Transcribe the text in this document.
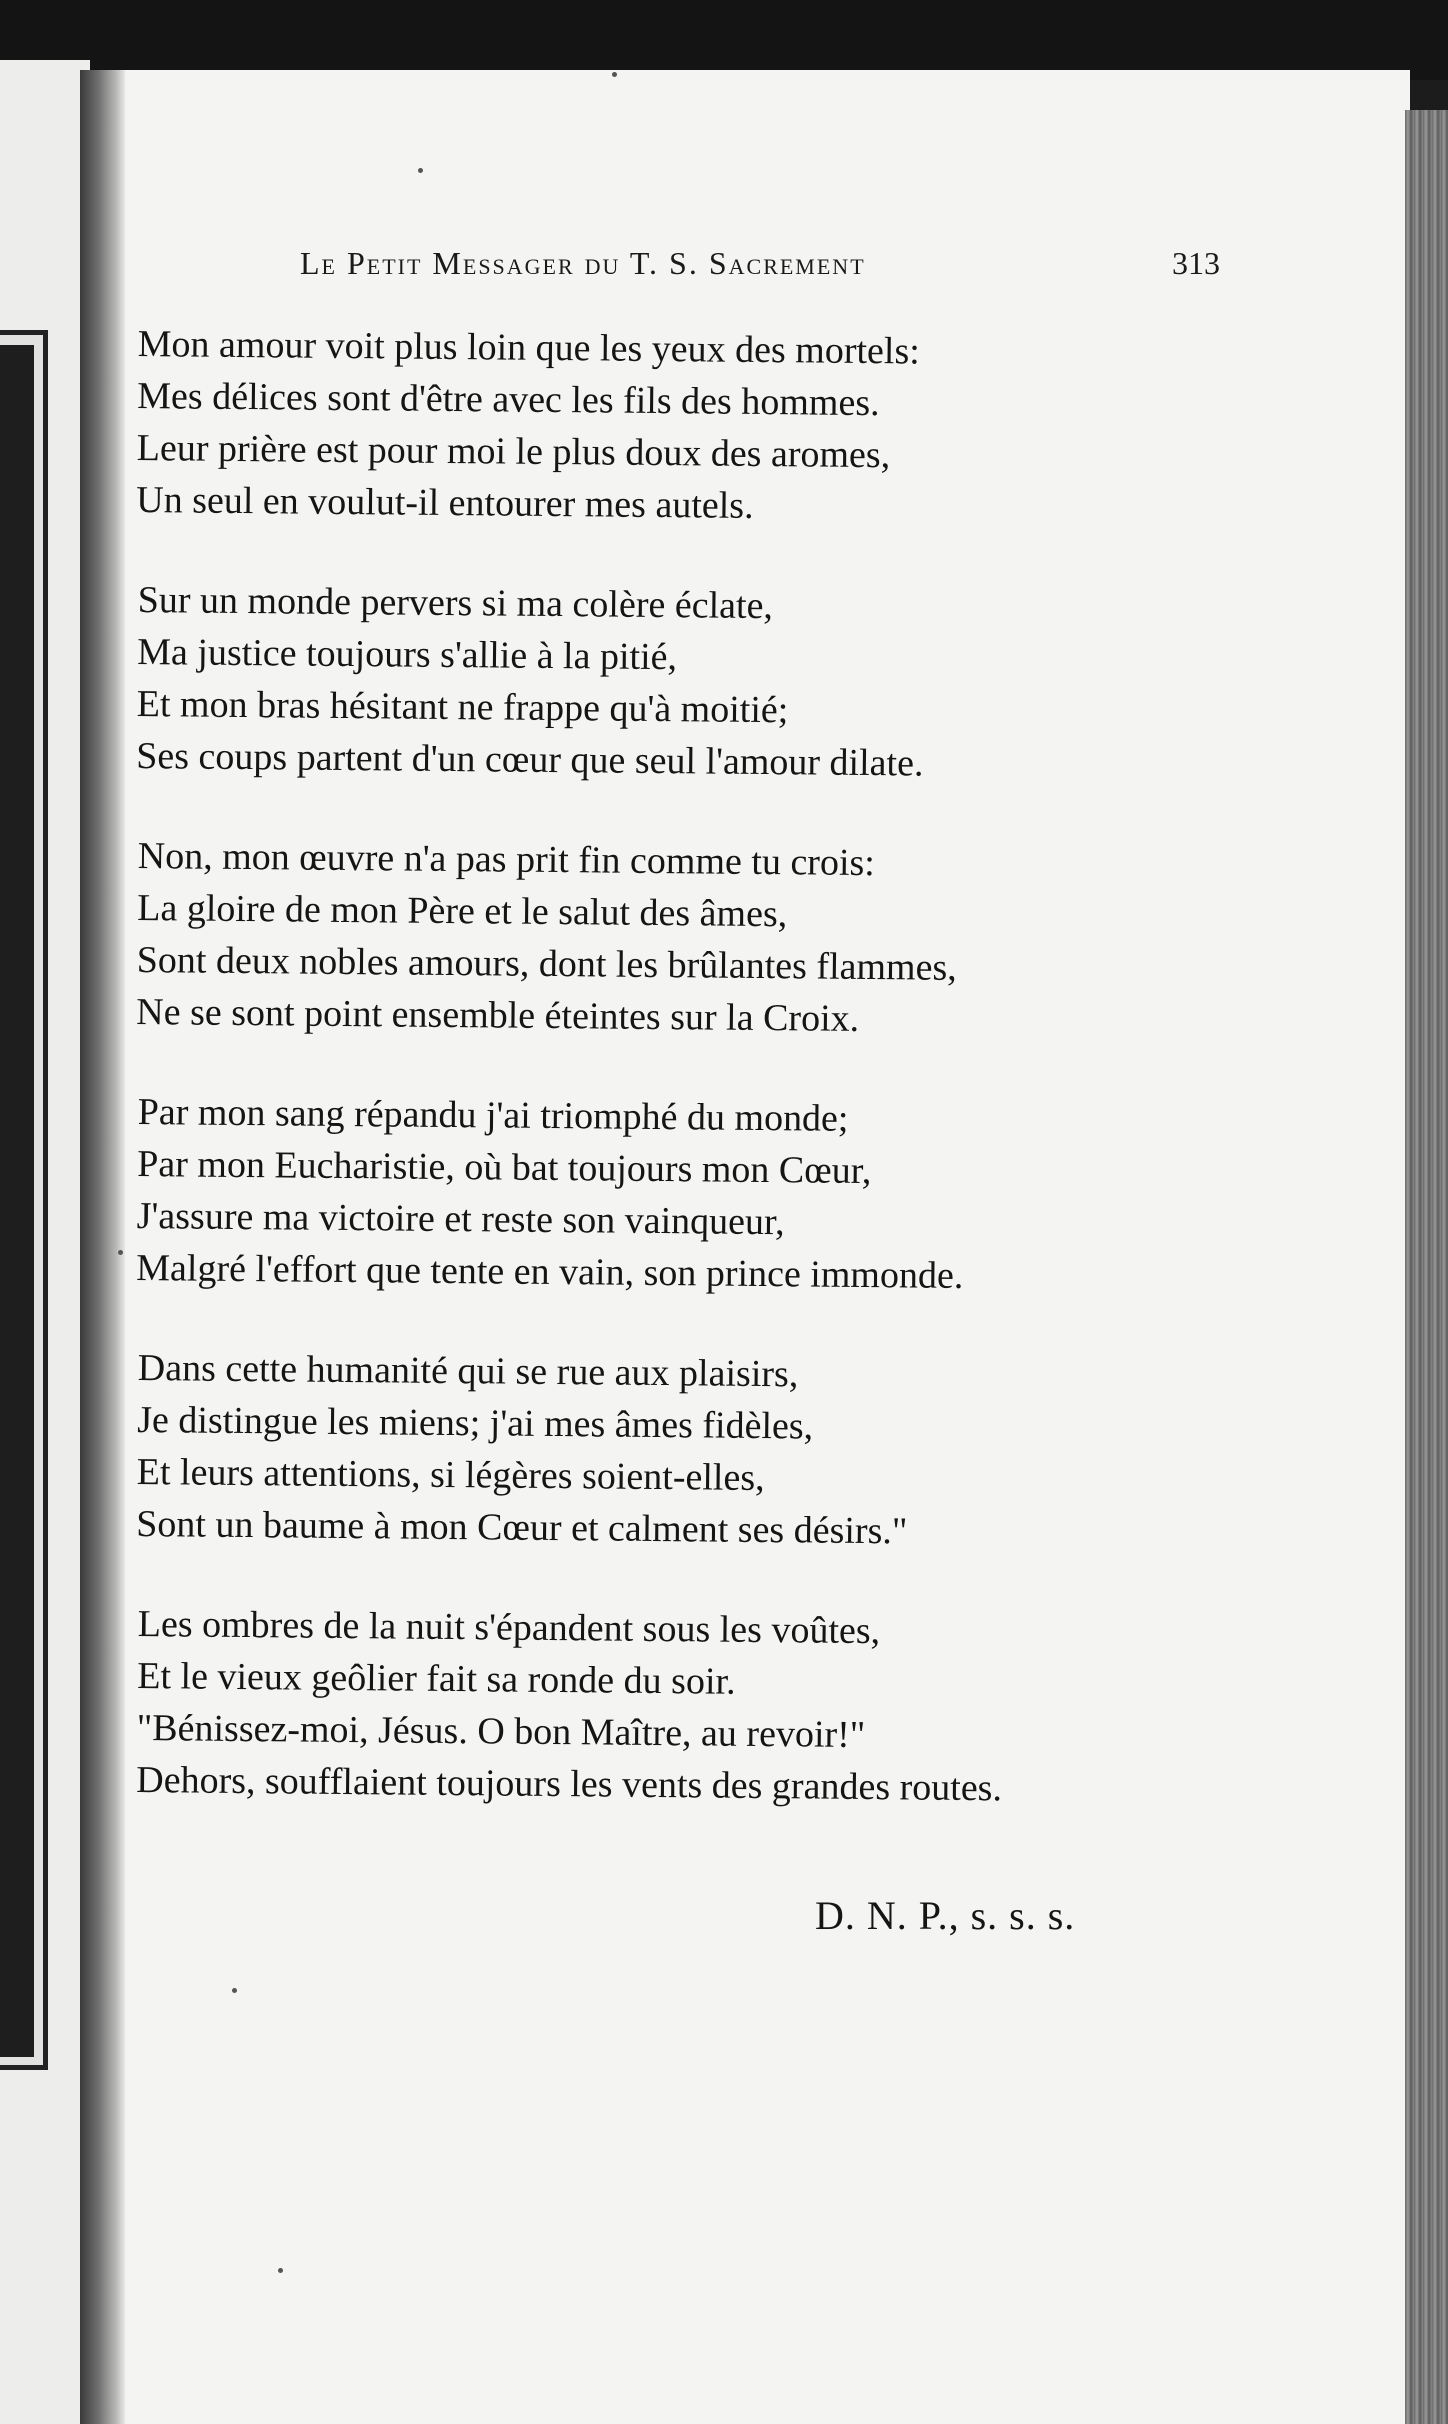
Le Petit Messager du T. S. Sacrement	313
Mon amour voit plus loin que les yeux des mortels:
Mes délices sont d'être avec les fils des hommes.
Leur prière est pour moi le plus doux des aromes,
Un seul en voulut-il entourer mes autels.
Sur un monde pervers si ma colère éclate,
Ma justice toujours s'allie à la pitié,
Et mon bras hésitant ne frappe qu'à moitié;
Ses coups partent d'un cœur que seul l'amour dilate.
Non, mon œuvre n'a pas prit fin comme tu crois:
La gloire de mon Père et le salut des âmes,
Sont deux nobles amours, dont les brûlantes flammes,
Ne se sont point ensemble éteintes sur la Croix.
Par mon sang répandu j'ai triomphé du monde;
Par mon Eucharistie, où bat toujours mon Cœur,
J'assure ma victoire et reste son vainqueur,
Malgré l'effort que tente en vain, son prince immonde.
Dans cette humanité qui se rue aux plaisirs,
Je distingue les miens; j'ai mes âmes fidèles,
Et leurs attentions, si légères soient-elles,
Sont un baume à mon Cœur et calment ses désirs."
Les ombres de la nuit s'épandent sous les voûtes,
Et le vieux geôlier fait sa ronde du soir.
"Bénissez-moi, Jésus. O bon Maître, au revoir!"
Dehors, soufflaient toujours les vents des grandes routes.
D. N. P., s. s. s.
